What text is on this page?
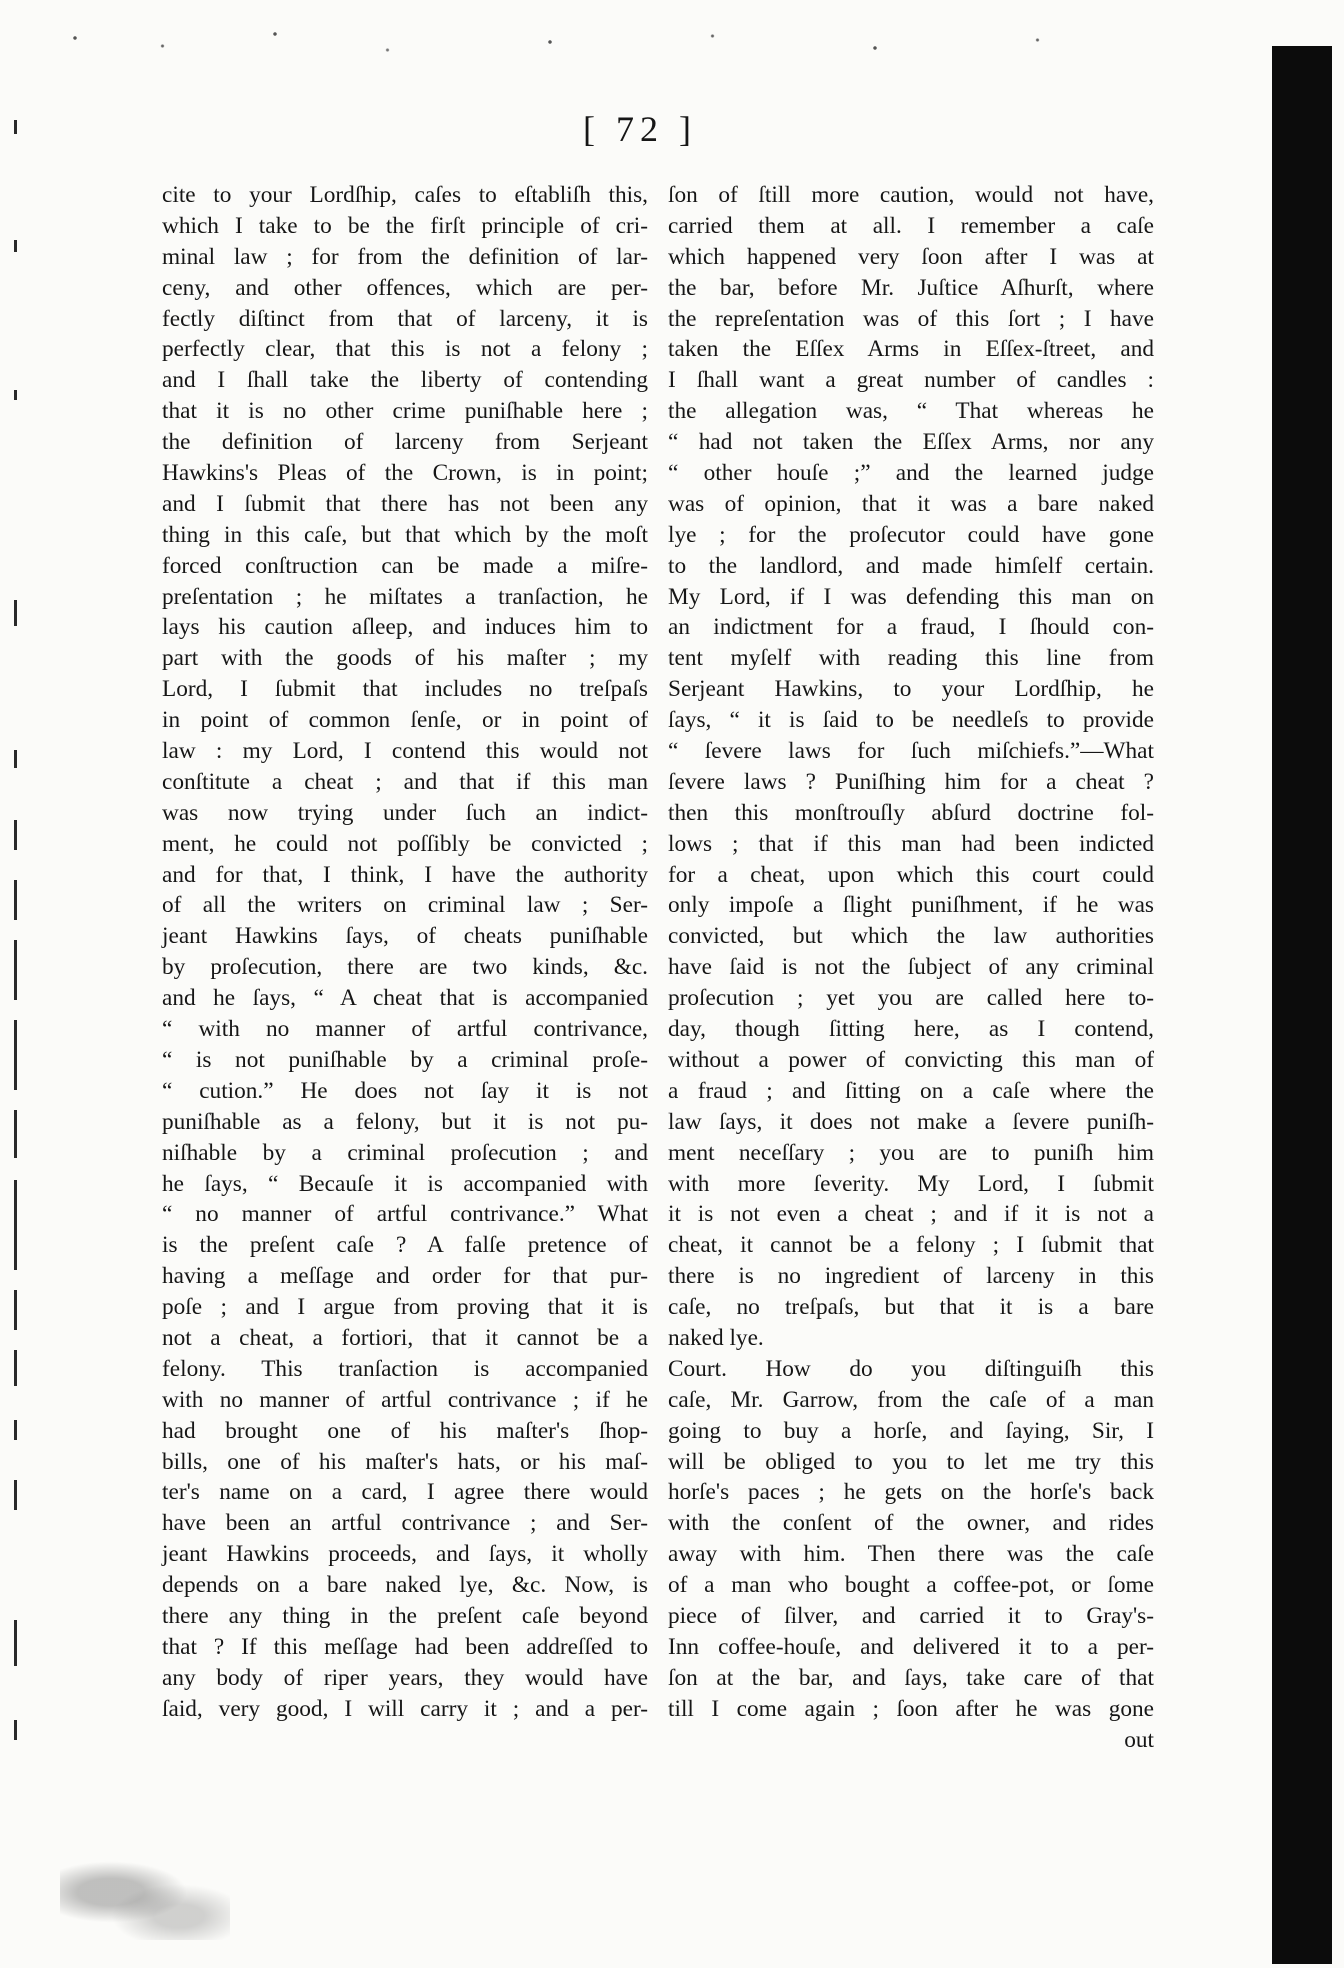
[ 72 ]
cite to your Lordſhip, caſes to eſtabliſh this,
which I take to be the firſt principle of cri-
minal law ; for from the definition of lar-
ceny, and other offences, which are per-
fectly diſtinct from that of larceny, it is
perfectly clear, that this is not a felony ;
and I ſhall take the liberty of contending
that it is no other crime puniſhable here ;
the definition of larceny from Serjeant
Hawkins's Pleas of the Crown, is in point;
and I ſubmit that there has not been any
thing in this caſe, but that which by the moſt
forced conſtruction can be made a miſre-
preſentation ; he miſtates a tranſaction, he
lays his caution aſleep, and induces him to
part with the goods of his maſter ; my
Lord, I ſubmit that includes no treſpaſs
in point of common ſenſe, or in point of
law : my Lord, I contend this would not
conſtitute a cheat ; and that if this man
was now trying under ſuch an indict-
ment, he could not poſſibly be convicted ;
and for that, I think, I have the authority
of all the writers on criminal law ; Ser-
jeant Hawkins ſays, of cheats puniſhable
by proſecution, there are two kinds, &c.
and he ſays, “ A cheat that is accompanied
“ with no manner of artful contrivance,
“ is not puniſhable by a criminal proſe-
“ cution.” He does not ſay it is not
puniſhable as a felony, but it is not pu-
niſhable by a criminal proſecution ; and
he ſays, “ Becauſe it is accompanied with
“ no manner of artful contrivance.” What
is the preſent caſe ? A falſe pretence of
having a meſſage and order for that pur-
poſe ; and I argue from proving that it is
not a cheat, a fortiori, that it cannot be a
felony. This tranſaction is accompanied
with no manner of artful contrivance ; if he
had brought one of his maſter's ſhop-
bills, one of his maſter's hats, or his maſ-
ter's name on a card, I agree there would
have been an artful contrivance ; and Ser-
jeant Hawkins proceeds, and ſays, it wholly
depends on a bare naked lye, &c. Now, is
there any thing in the preſent caſe beyond
that ? If this meſſage had been addreſſed to
any body of riper years, they would have
ſaid, very good, I will carry it ; and a per-
ſon of ſtill more caution, would not have,
carried them at all. I remember a caſe
which happened very ſoon after I was at
the bar, before Mr. Juſtice Aſhurſt, where
the repreſentation was of this ſort ; I have
taken the Eſſex Arms in Eſſex-ſtreet, and
I ſhall want a great number of candles :
the allegation was, “ That whereas he
“ had not taken the Eſſex Arms, nor any
“ other houſe ;” and the learned judge
was of opinion, that it was a bare naked
lye ; for the proſecutor could have gone
to the landlord, and made himſelf certain.
My Lord, if I was defending this man on
an indictment for a fraud, I ſhould con-
tent myſelf with reading this line from
Serjeant Hawkins, to your Lordſhip, he
ſays, “ it is ſaid to be needleſs to provide
“ ſevere laws for ſuch miſchiefs.”—What
ſevere laws ? Puniſhing him for a cheat ?
then this monſtrouſly abſurd doctrine fol-
lows ; that if this man had been indicted
for a cheat, upon which this court could
only impoſe a ſlight puniſhment, if he was
convicted, but which the law authorities
have ſaid is not the ſubject of any criminal
proſecution ; yet you are called here to-
day, though ſitting here, as I contend,
without a power of convicting this man of
a fraud ; and ſitting on a caſe where the
law ſays, it does not make a ſevere puniſh-
ment neceſſary ; you are to puniſh him
with more ſeverity. My Lord, I ſubmit
it is not even a cheat ; and if it is not a
cheat, it cannot be a felony ; I ſubmit that
there is no ingredient of larceny in this
caſe, no treſpaſs, but that it is a bare
naked lye.
Court. How do you diſtinguiſh this
caſe, Mr. Garrow, from the caſe of a man
going to buy a horſe, and ſaying, Sir, I
will be obliged to you to let me try this
horſe's paces ; he gets on the horſe's back
with the conſent of the owner, and rides
away with him. Then there was the caſe
of a man who bought a coffee-pot, or ſome
piece of ſilver, and carried it to Gray's-
Inn coffee-houſe, and delivered it to a per-
ſon at the bar, and ſays, take care of that
till I come again ; ſoon after he was gone
out
